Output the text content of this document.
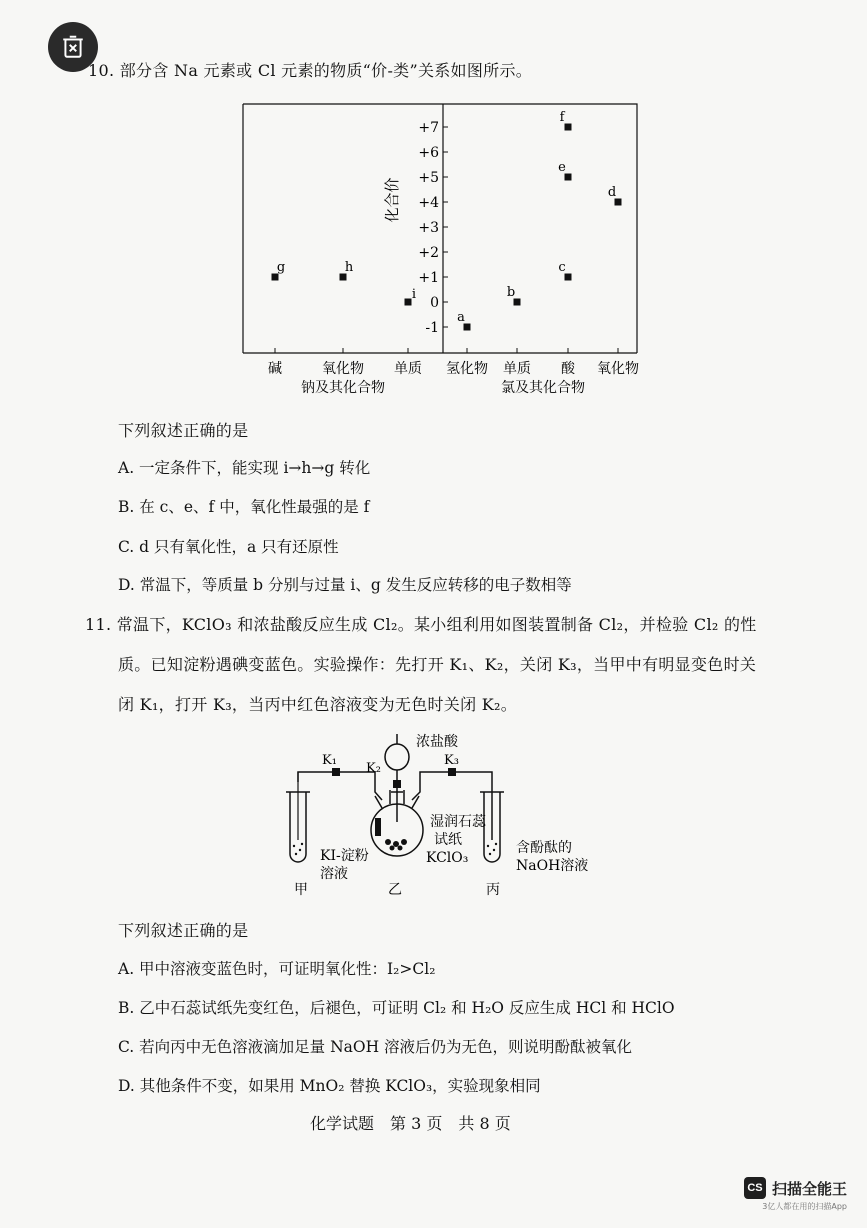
10. 部分含 Na 元素或 Cl 元素的物质“价-类”关系如图所示。
+7
+6
+5
+4
+3
+2
+1
0
-1
g	h
i
a
b
c
e
f
d
碱	氧化物 单质 氢化物 单质 酸 氧化物
钠及其化合物	氯及其化合物
化合价
下列叙述正确的是
A. 一定条件下，能实现 i→h→g 转化
B. 在 c、e、f 中，氧化性最强的是 f
C. d 只有氧化性，a 只有还原性
D. 常温下，等质量 b 分别与过量 i、g 发生反应转移的电子数相等
11. 常温下，KClO₃ 和浓盐酸反应生成 Cl₂。某小组利用如图装置制备 Cl₂，并检验 Cl₂ 的性
质。已知淀粉遇碘变蓝色。实验操作：先打开 K₁、K₂，关闭 K₃，当甲中有明显变色时关
闭 K₁，打开 K₃，当丙中红色溶液变为无色时关闭 K₂。
浓盐酸
K₁
K₂
K₃
湿润石蕊
试纸
KClO₃
KI-淀粉
溶液
含酚酞的
NaOH溶液
甲	乙	丙
下列叙述正确的是
A. 甲中溶液变蓝色时，可证明氧化性：I₂>Cl₂
B. 乙中石蕊试纸先变红色，后褪色，可证明 Cl₂ 和 H₂O 反应生成 HCl 和 HClO
C. 若向丙中无色溶液滴加足量 NaOH 溶液后仍为无色，则说明酚酞被氧化
D. 其他条件不变，如果用 MnO₂ 替换 KClO₃，实验现象相同
化学试题　第 3 页　共 8 页
CS 扫描全能王
3亿人都在用的扫描App
